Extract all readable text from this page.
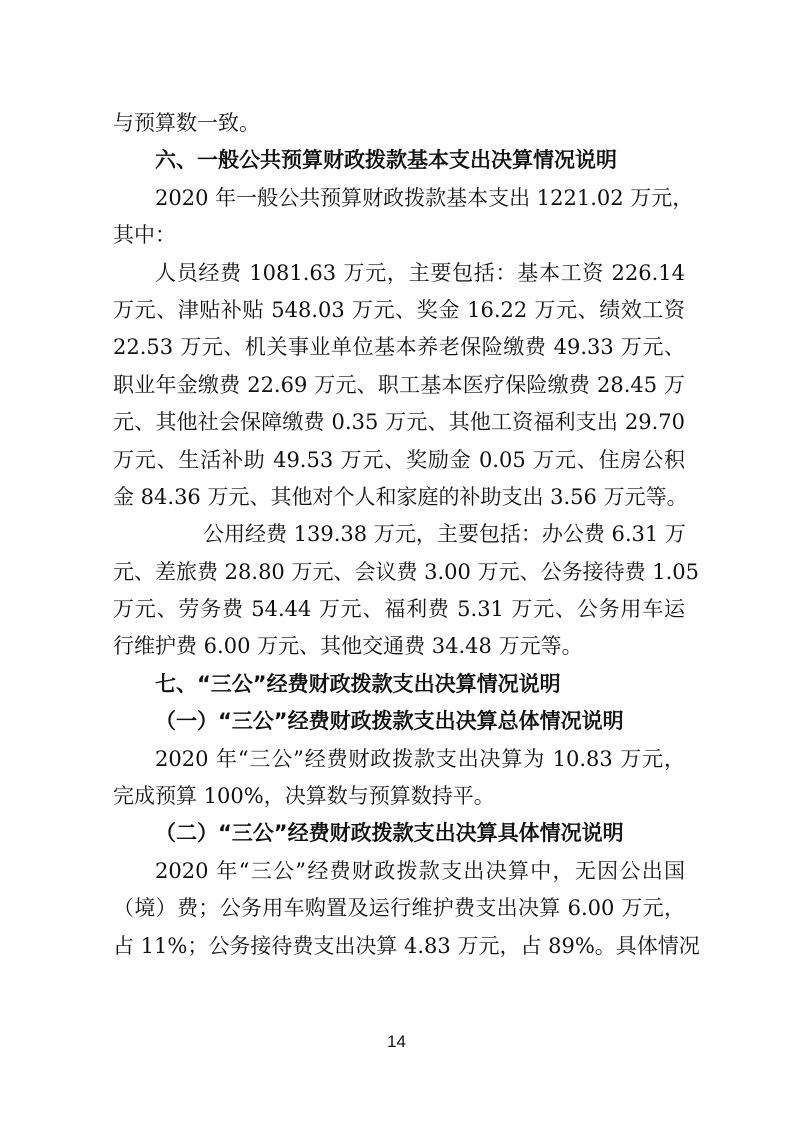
与预算数一致。
六、一般公共预算财政拨款基本支出决算情况说明
2020 年一般公共预算财政拨款基本支出 1221.02 万元，
其中：
人员经费 1081.63 万元，主要包括：基本工资 226.14
万元、津贴补贴 548.03 万元、奖金 16.22 万元、绩效工资
22.53 万元、机关事业单位基本养老保险缴费 49.33 万元、
职业年金缴费 22.69 万元、职工基本医疗保险缴费 28.45 万
元、其他社会保障缴费 0.35 万元、其他工资福利支出 29.70
万元、生活补助 49.53 万元、奖励金 0.05 万元、住房公积
金 84.36 万元、其他对个人和家庭的补助支出 3.56 万元等。
公用经费 139.38 万元，主要包括：办公费 6.31 万
元、差旅费 28.80 万元、会议费 3.00 万元、公务接待费 1.05
万元、劳务费 54.44 万元、福利费 5.31 万元、公务用车运
行维护费 6.00 万元、其他交通费 34.48 万元等。
七、“三公”经费财政拨款支出决算情况说明
（一）“三公”经费财政拨款支出决算总体情况说明
2020 年“三公”经费财政拨款支出决算为 10.83 万元，
完成预算 100%，决算数与预算数持平。
（二）“三公”经费财政拨款支出决算具体情况说明
2020 年“三公”经费财政拨款支出决算中，无因公出国
（境）费；公务用车购置及运行维护费支出决算 6.00 万元，
占 11%；公务接待费支出决算 4.83 万元，占 89%。具体情况
14
